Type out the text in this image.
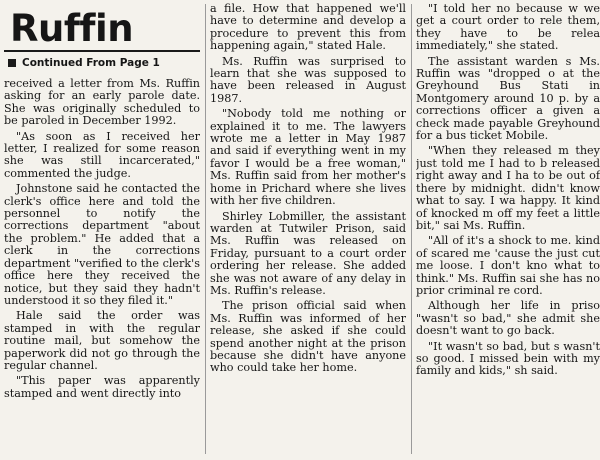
Ruffin
Continued From Page 1

received a letter from Ms. Ruffin asking for an early parole date. She was originally scheduled to be paroled in December 1992.

"As soon as I received her letter, I realized for some reason she was still incarcerated," commented the judge.

Johnstone said he contacted the clerk's office here and told the personnel to notify the corrections department "about the problem." He added that a clerk in the corrections department "verified to the clerk's office here they received the notice, but they said they hadn't understood it so they filed it."

Hale said the order was stamped in with the regular routine mail, but somehow the paperwork did not go through the regular channel.

"This paper was apparently stamped and went directly into

a file. How that happened we'll have to determine and develop a procedure to prevent this from happening again," stated Hale.

Ms. Ruffin was surprised to learn that she was supposed to have been released in August 1987.

"Nobody told me nothing or explained it to me. The lawyers wrote me a letter in May 1987 and said if everything went in my favor I would be a free woman," Ms. Ruffin said from her mother's home in Prichard where she lives with her five children.

Shirley Lobmiller, the assistant warden at Tutwiler Prison, said Ms. Ruffin was released on Friday, pursuant to a court order ordering her release. She added she was not aware of any delay in Ms. Ruffin's release.

The prison official said when Ms. Ruffin was informed of her release, she asked if she could spend another night at the prison because she didn't have anyone who could take her home.

"I told her no because w we get a court order to rele them, they have to be relea immediately," she stated.

The assistant warden s Ms. Ruffin was "dropped o at the Greyhound Bus Stati in Montgomery around 10 p. by a corrections officer a given a check made payable Greyhound for a bus ticket Mobile.

"When they released m they just told me I had to b released right away and I ha to be out of there by midnight. didn't know what to say. I wa happy. It kind of knocked m off my feet a little bit," sai Ms. Ruffin.

"All of it's a shock to me. kind of scared me 'cause the just cut me loose. I don't kno what to think." Ms. Ruffin sai she has no prior criminal re cord.

Although her life in priso "wasn't so bad," she admit she doesn't want to go back.

"It wasn't so bad, but s wasn't so good. I missed bein with my family and kids," sh said.
